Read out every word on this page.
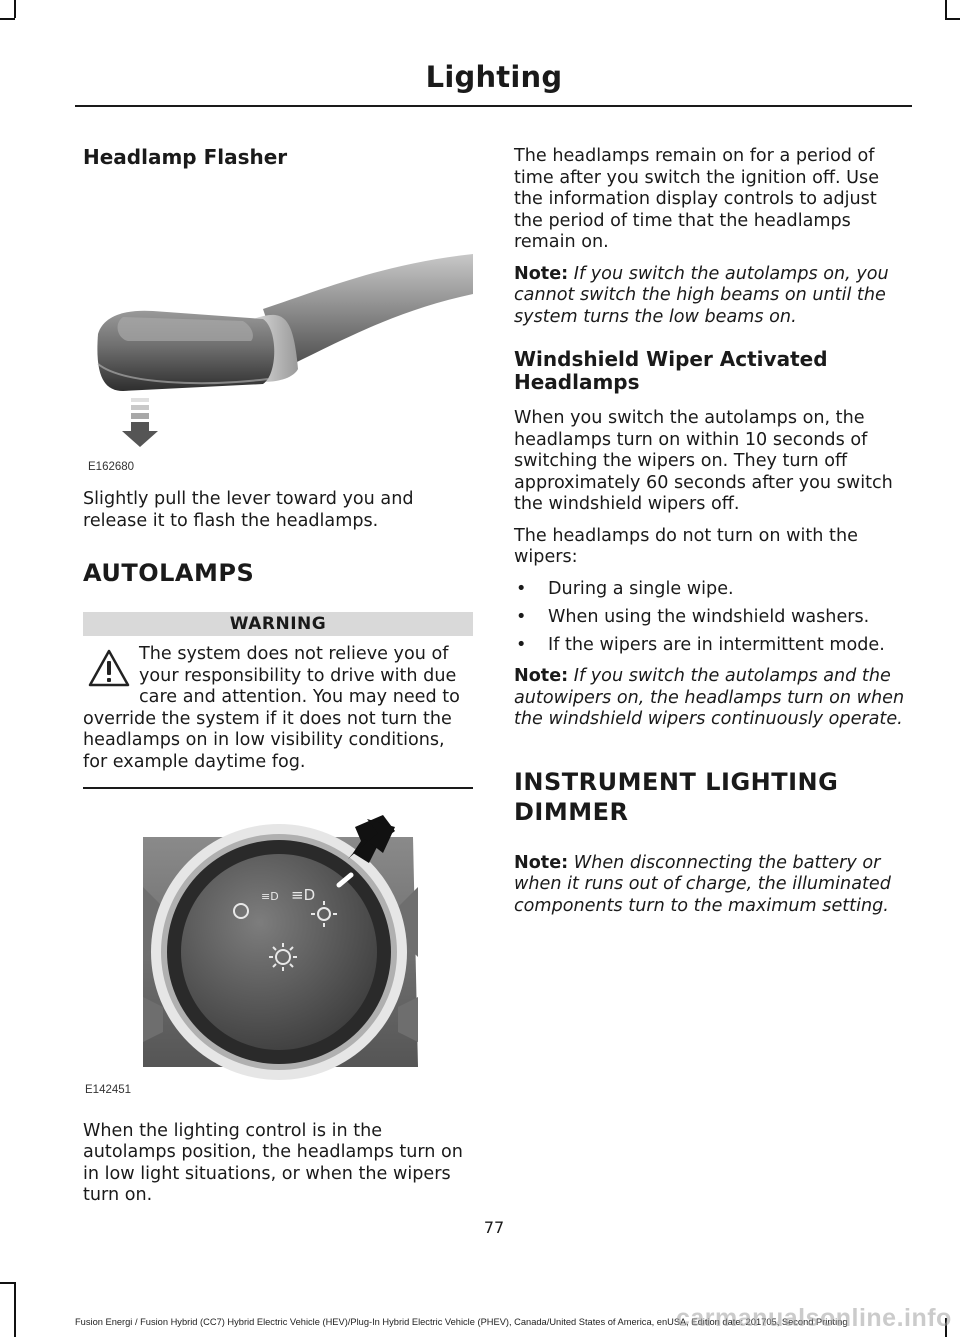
Lighting
Headlamp Flasher
E162680

Slightly pull the lever toward you and release it to flash the headlamps.

AUTOLAMPS
WARNING

The system does not relieve you of your responsibility to drive with due care and attention. You may need to override the system if it does not turn the headlamps on in low visibility conditions, for example daytime fog.

≡D ≡D
E142451

When the lighting control is in the autolamps position, the headlamps turn on in low light situations, or when the wipers turn on.

The headlamps remain on for a period of time after you switch the ignition off. Use the information display controls to adjust the period of time that the headlamps remain on.

Note: If you switch the autolamps on, you cannot switch the high beams on until the system turns the low beams on.

Windshield Wiper Activated Headlamps

When you switch the autolamps on, the headlamps turn on within 10 seconds of switching the wipers on. They turn off approximately 60 seconds after you switch the windshield wipers off.

The headlamps do not turn on with the wipers:

• During a single wipe.
• When using the windshield washers.
• If the wipers are in intermittent mode.

Note: If you switch the autolamps and the autowipers on, the headlamps turn on when the windshield wipers continuously operate.

INSTRUMENT LIGHTING
DIMMER

Note: When disconnecting the battery or when it runs out of charge, the illuminated components turn to the maximum setting.

77
Fusion Energi / Fusion Hybrid (CC7) Hybrid Electric Vehicle (HEV)/Plug-In Hybrid Electric Vehicle (PHEV), Canada/United States of America, enUSA, Edition date: 201705, Second Printing
carmanualsonline.info
